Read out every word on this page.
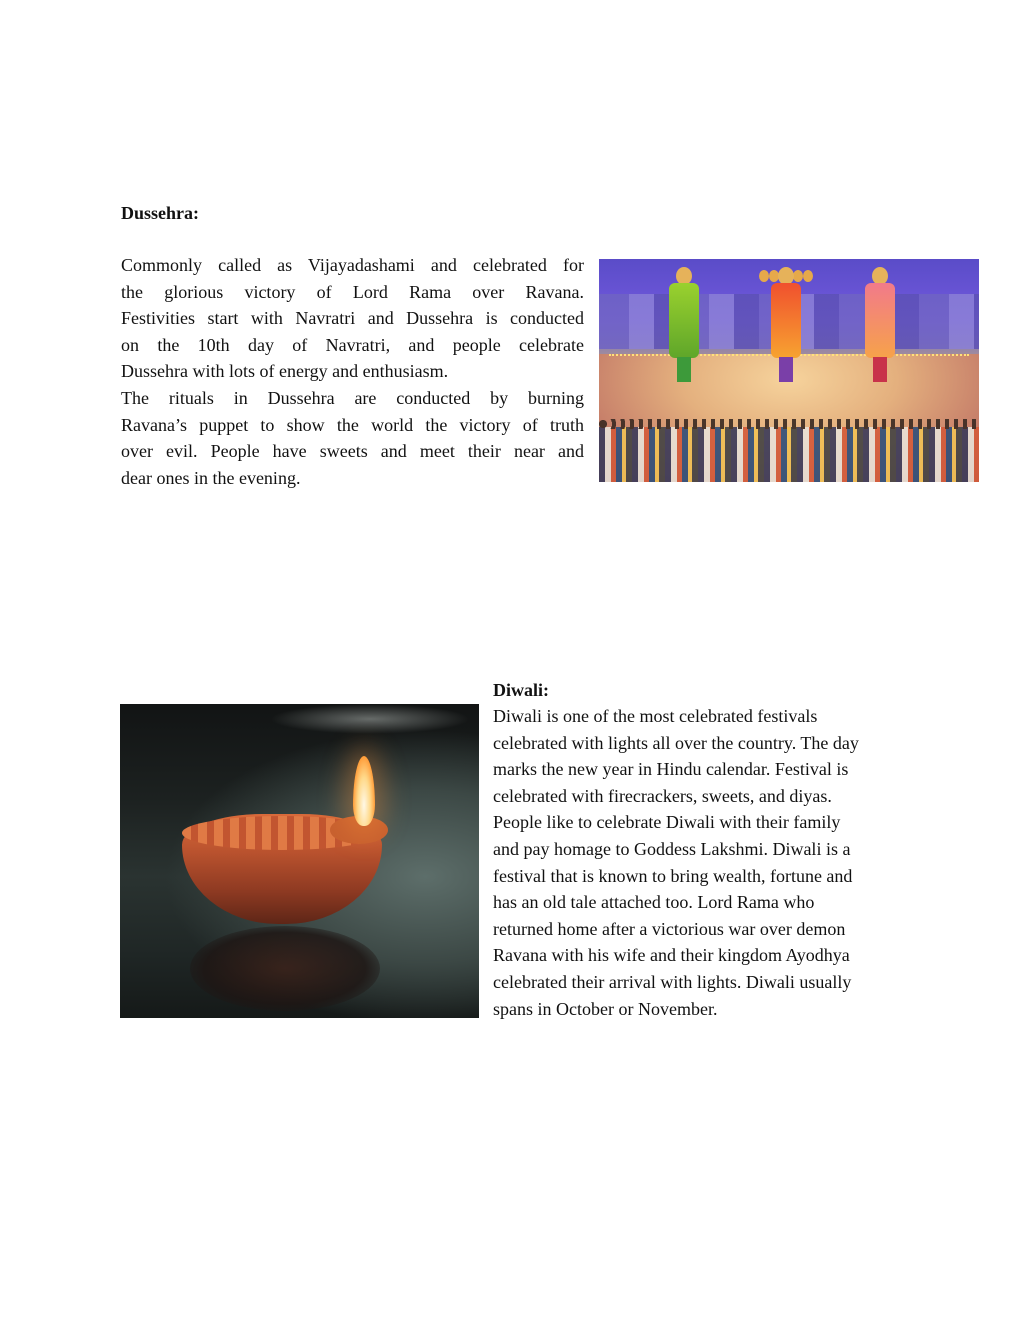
Dussehra:

Commonly called as Vijayadashami and celebrated for
the glorious victory of Lord Rama over Ravana.
Festivities start with Navratri and Dussehra is conducted
on the 10th day of Navratri, and people celebrate
Dussehra with lots of energy and enthusiasm.
The rituals in Dussehra are conducted by burning
Ravana’s puppet to show the world the victory of truth
over evil. People have sweets and meet their near and
dear ones in the evening.

Diwali:

Diwali is one of the most celebrated festivals
celebrated with lights all over the country. The day
marks the new year in Hindu calendar. Festival is
celebrated with firecrackers, sweets, and diyas.
People like to celebrate Diwali with their family
and pay homage to Goddess Lakshmi. Diwali is a
festival that is known to bring wealth, fortune and
has an old tale attached too. Lord Rama who
returned home after a victorious war over demon
Ravana with his wife and their kingdom Ayodhya
celebrated their arrival with lights. Diwali usually
spans in October or November.
